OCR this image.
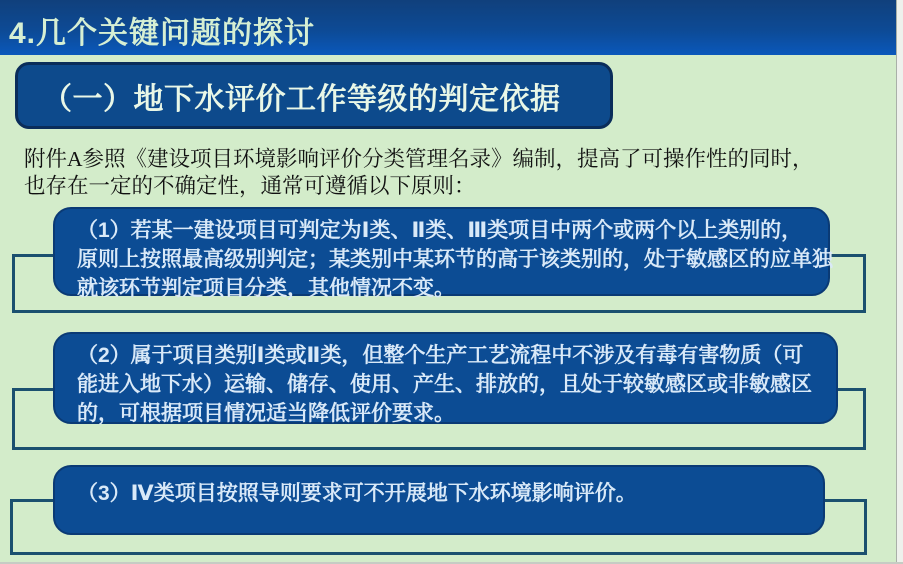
4.几个关键问题的探讨
（一）地下水评价工作等级的判定依据
附件A参照《建设项目环境影响评价分类管理名录》编制，提高了可操作性的同时，
也存在一定的不确定性，通常可遵循以下原则：
（1）若某一建设项目可判定为Ⅰ类、Ⅱ类、Ⅲ类项目中两个或两个以上类别的，
原则上按照最高级别判定；某类别中某环节的高于该类别的，处于敏感区的应单独
就该环节判定项目分类，其他情况不变。
（2）属于项目类别Ⅰ类或Ⅱ类，但整个生产工艺流程中不涉及有毒有害物质（可
能进入地下水）运输、储存、使用、产生、排放的，且处于较敏感区或非敏感区
的，可根据项目情况适当降低评价要求。
（3）Ⅳ类项目按照导则要求可不开展地下水环境影响评价。
